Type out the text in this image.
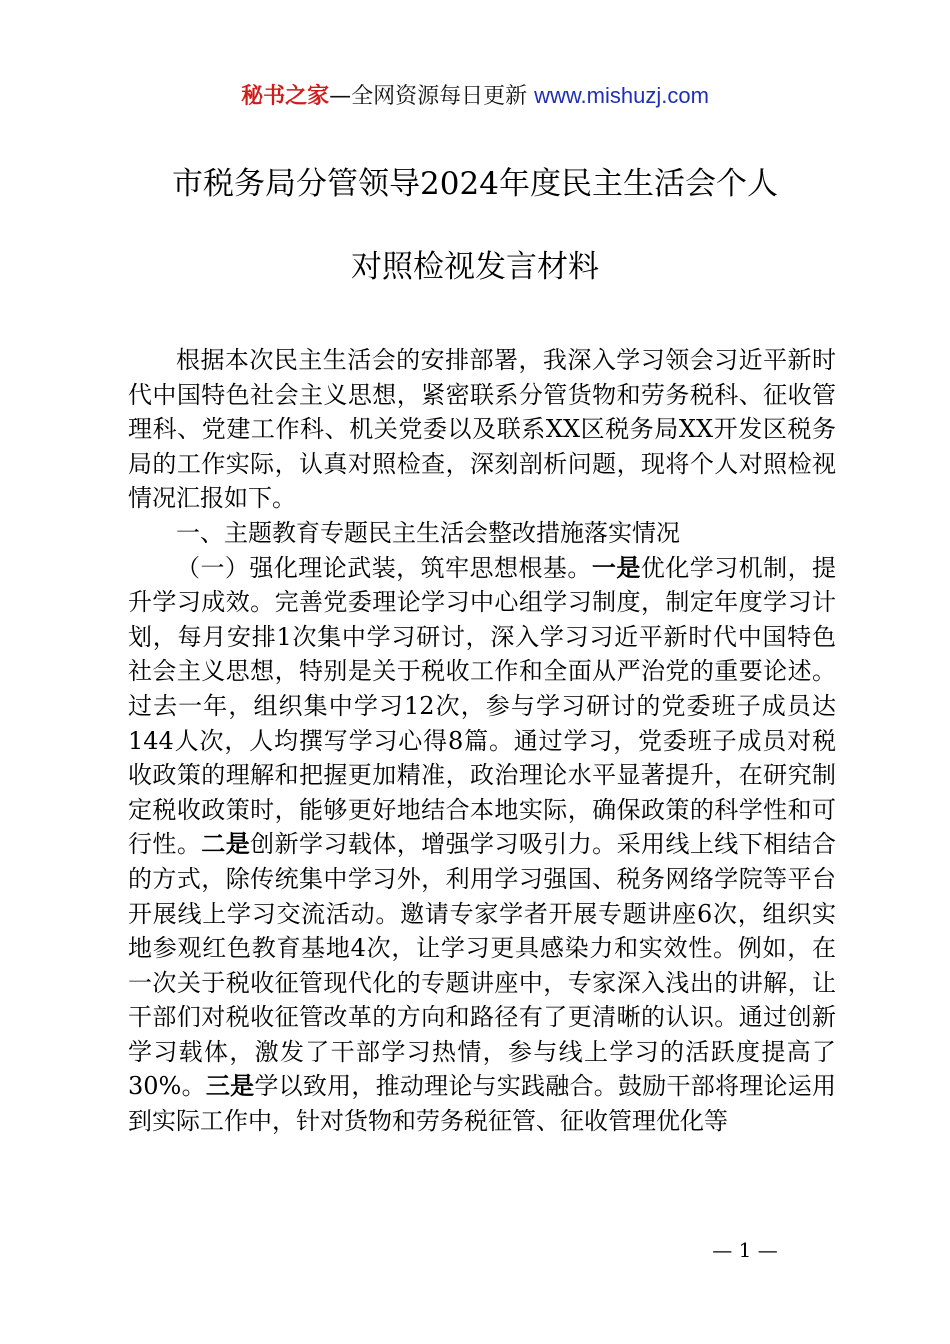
秘书之家—全网资源每日更新 www.mishuzj.com
市税务局分管领导2024年度民主生活会个人
对照检视发言材料

根据本次民主生活会的安排部署，我深入学习领会习近平新时代中国特色社会主义思想，紧密联系分管货物和劳务税科、征收管理科、党建工作科、机关党委以及联系XX区税务局XX开发区税务局的工作实际，认真对照检查，深刻剖析问题，现将个人对照检视情况汇报如下。

一、主题教育专题民主生活会整改措施落实情况

（一）强化理论武装，筑牢思想根基。一是优化学习机制，提升学习成效。完善党委理论学习中心组学习制度，制定年度学习计划，每月安排1次集中学习研讨，深入学习习近平新时代中国特色社会主义思想，特别是关于税收工作和全面从严治党的重要论述。过去一年，组织集中学习12次，参与学习研讨的党委班子成员达144人次，人均撰写学习心得8篇。通过学习，党委班子成员对税收政策的理解和把握更加精准，政治理论水平显著提升，在研究制定税收政策时，能够更好地结合本地实际，确保政策的科学性和可行性。二是创新学习载体，增强学习吸引力。采用线上线下相结合的方式，除传统集中学习外，利用学习强国、税务网络学院等平台开展线上学习交流活动。邀请专家学者开展专题讲座6次，组织实地参观红色教育基地4次，让学习更具感染力和实效性。例如，在一次关于税收征管现代化的专题讲座中，专家深入浅出的讲解，让干部们对税收征管改革的方向和路径有了更清晰的认识。通过创新学习载体，激发了干部学习热情，参与线上学习的活跃度提高了30%。三是学以致用，推动理论与实践融合。鼓励干部将理论运用到实际工作中，针对货物和劳务税征管、征收管理优化等

— 1 —
